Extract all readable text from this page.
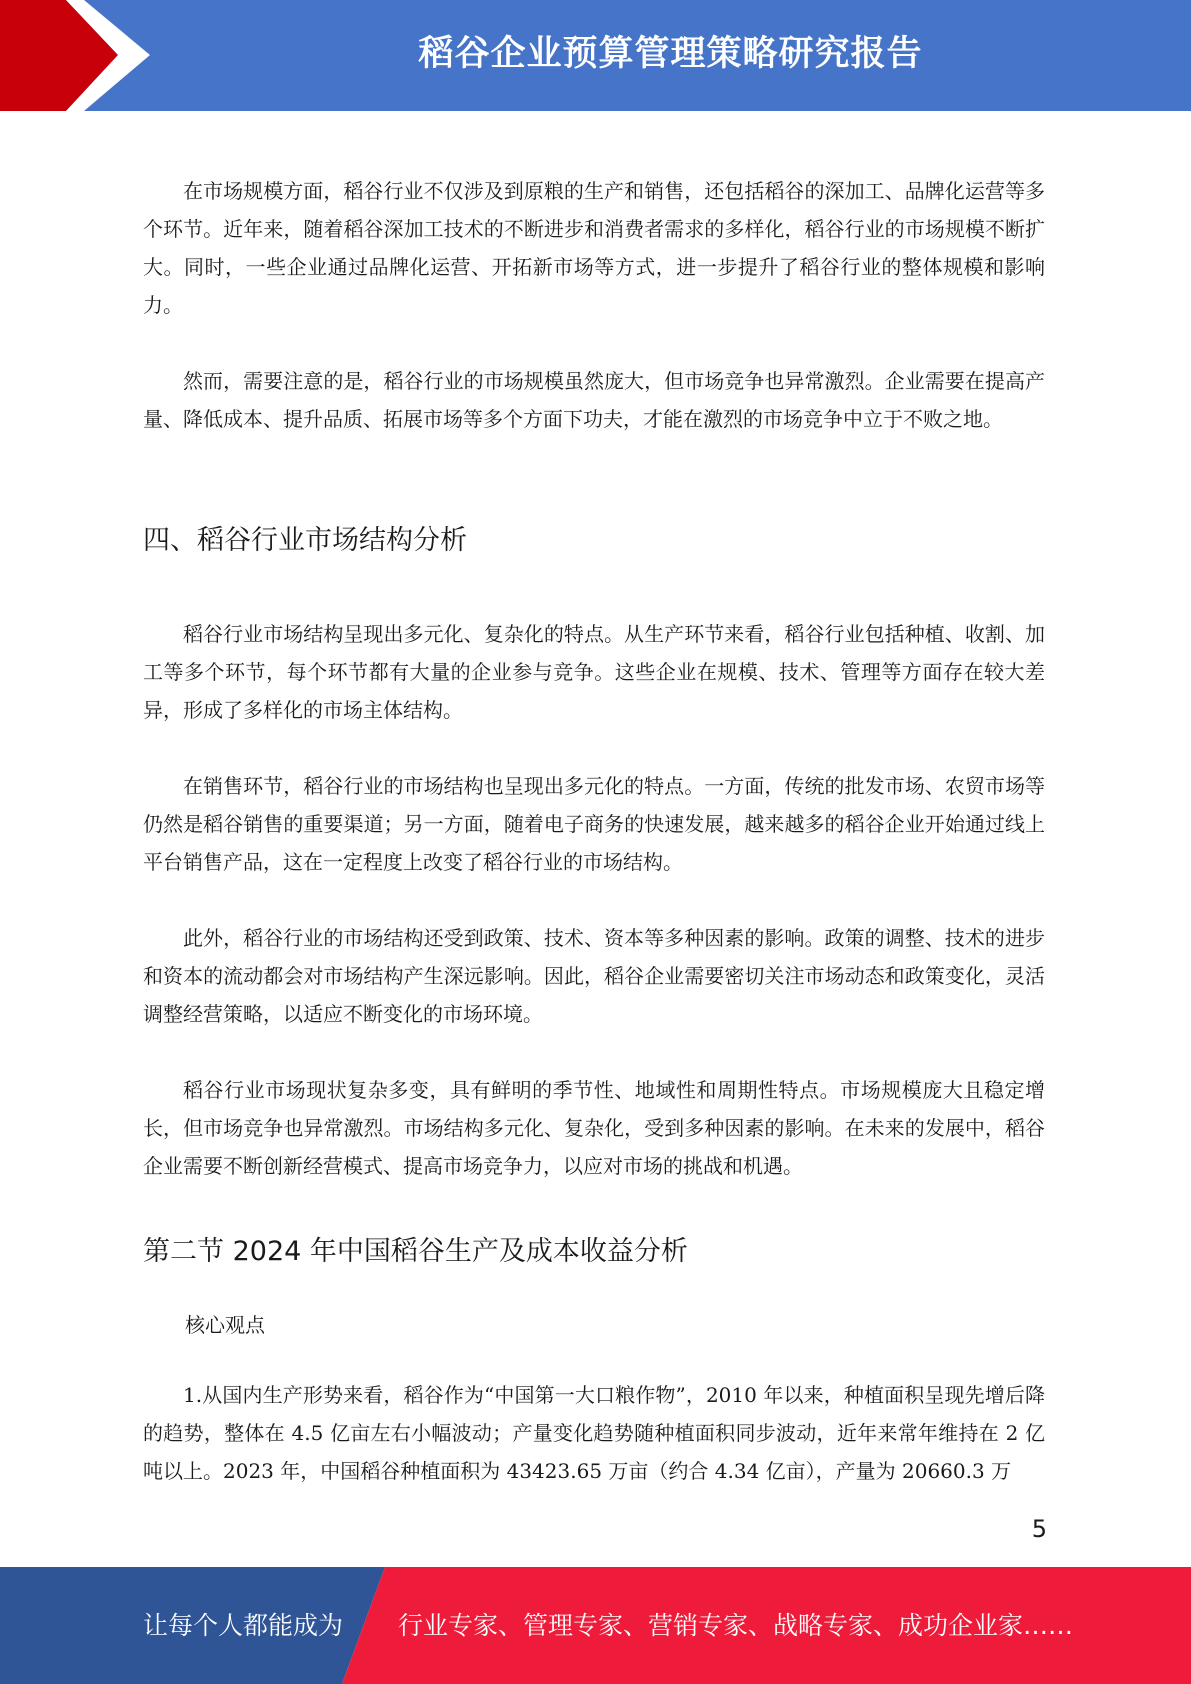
稻谷企业预算管理策略研究报告

在市场规模方面，稻谷行业不仅涉及到原粮的生产和销售，还包括稻谷的深加工、品牌化运营等多个环节。近年来，随着稻谷深加工技术的不断进步和消费者需求的多样化，稻谷行业的市场规模不断扩大。同时，一些企业通过品牌化运营、开拓新市场等方式，进一步提升了稻谷行业的整体规模和影响力。

然而，需要注意的是，稻谷行业的市场规模虽然庞大，但市场竞争也异常激烈。企业需要在提高产量、降低成本、提升品质、拓展市场等多个方面下功夫，才能在激烈的市场竞争中立于不败之地。

四、稻谷行业市场结构分析

稻谷行业市场结构呈现出多元化、复杂化的特点。从生产环节来看，稻谷行业包括种植、收割、加工等多个环节，每个环节都有大量的企业参与竞争。这些企业在规模、技术、管理等方面存在较大差异，形成了多样化的市场主体结构。

在销售环节，稻谷行业的市场结构也呈现出多元化的特点。一方面，传统的批发市场、农贸市场等仍然是稻谷销售的重要渠道；另一方面，随着电子商务的快速发展，越来越多的稻谷企业开始通过线上平台销售产品，这在一定程度上改变了稻谷行业的市场结构。

此外，稻谷行业的市场结构还受到政策、技术、资本等多种因素的影响。政策的调整、技术的进步和资本的流动都会对市场结构产生深远影响。因此，稻谷企业需要密切关注市场动态和政策变化，灵活调整经营策略，以适应不断变化的市场环境。

稻谷行业市场现状复杂多变，具有鲜明的季节性、地域性和周期性特点。市场规模庞大且稳定增长，但市场竞争也异常激烈。市场结构多元化、复杂化，受到多种因素的影响。在未来的发展中，稻谷企业需要不断创新经营模式、提高市场竞争力，以应对市场的挑战和机遇。

第二节 2024 年中国稻谷生产及成本收益分析

核心观点

1.从国内生产形势来看，稻谷作为“中国第一大口粮作物”，2010 年以来，种植面积呈现先增后降的趋势，整体在 4.5 亿亩左右小幅波动；产量变化趋势随种植面积同步波动，近年来常年维持在 2 亿吨以上。2023 年，中国稻谷种植面积为 43423.65 万亩（约合 4.34 亿亩），产量为 20660.3 万

5
让每个人都能成为 行业专家、管理专家、营销专家、战略专家、成功企业家……
